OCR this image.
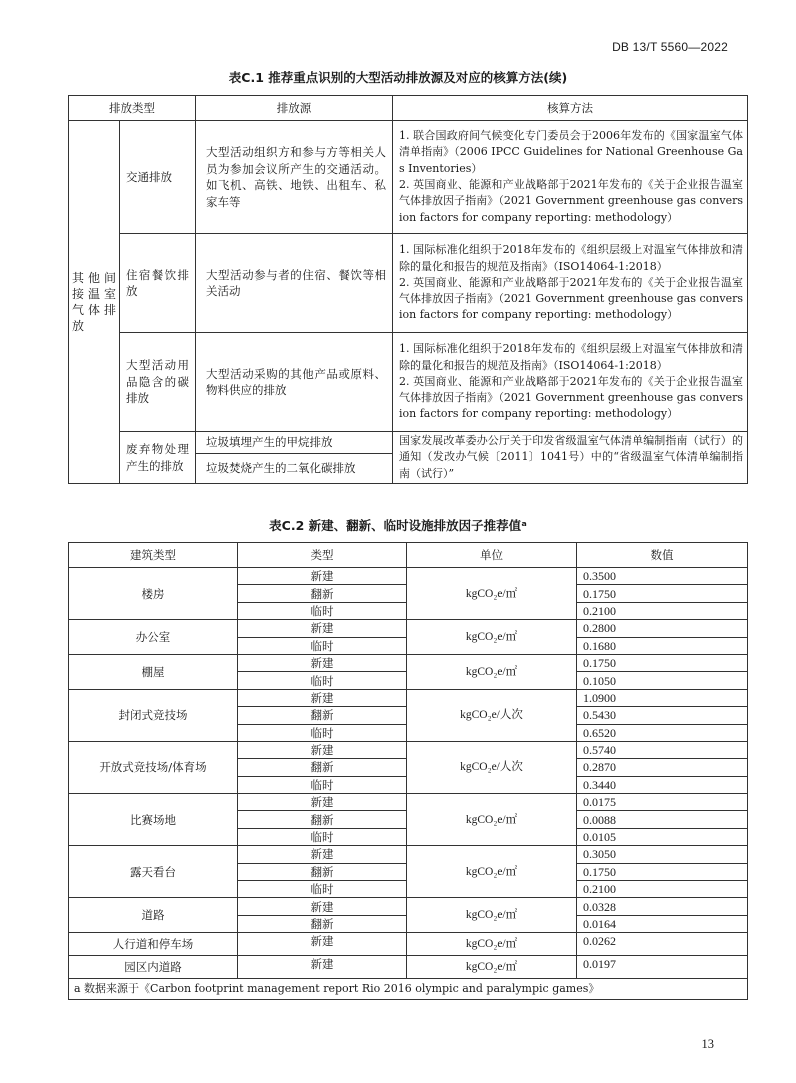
DB 13/T 5560—2022
表C.1 推荐重点识别的大型活动排放源及对应的核算方法(续)
排放类型		排放源	核算方法
其他间接温室气体排放	交通排放	大型活动组织方和参与方等相关人员为参加会议所产生的交通活动。如飞机、高铁、地铁、出租车、私家车等	1. 联合国政府间气候变化专门委员会于2006年发布的《国家温室气体清单指南》（2006 IPCC Guidelines for National Greenhouse Gas Inventories）
2. 英国商业、能源和产业战略部于2021年发布的《关于企业报告温室气体排放因子指南》（2021 Government greenhouse gas conversion factors for company reporting: methodology）
	住宿餐饮排放	大型活动参与者的住宿、餐饮等相关活动	1. 国际标准化组织于2018年发布的《组织层级上对温室气体排放和清除的量化和报告的规范及指南》（ISO14064-1:2018）
2. 英国商业、能源和产业战略部于2021年发布的《关于企业报告温室气体排放因子指南》（2021 Government greenhouse gas conversion factors for company reporting: methodology）
	大型活动用品隐含的碳排放	大型活动采购的其他产品或原料、物料供应的排放	1. 国际标准化组织于2018年发布的《组织层级上对温室气体排放和清除的量化和报告的规范及指南》（ISO14064-1:2018）
2. 英国商业、能源和产业战略部于2021年发布的《关于企业报告温室气体排放因子指南》（2021 Government greenhouse gas conversion factors for company reporting: methodology）
	废弃物处理产生的排放	垃圾填埋产生的甲烷排放	国家发展改革委办公厅关于印发省级温室气体清单编制指南（试行）的通知（发改办气候〔2011〕1041号）中的“省级温室气体清单编制指南（试行）”
		垃圾焚烧产生的二氧化碳排放	
表C.2 新建、翻新、临时设施排放因子推荐值ᵃ
建筑类型	类型	单位	数值
楼房	新建	kgCO₂e/㎡	0.3500
	翻新		0.1750
	临时		0.2100
办公室	新建	kgCO₂e/㎡	0.2800
	临时		0.1680
棚屋	新建	kgCO₂e/㎡	0.1750
	临时		0.1050
封闭式竞技场	新建	kgCO₂e/人次	1.0900
	翻新		0.5430
	临时		0.6520
开放式竞技场/体育场	新建	kgCO₂e/人次	0.5740
	翻新		0.2870
	临时		0.3440
比赛场地	新建	kgCO₂e/㎡	0.0175
	翻新		0.0088
	临时		0.0105
露天看台	新建	kgCO₂e/㎡	0.3050
	翻新		0.1750
	临时		0.2100
道路	新建	kgCO₂e/㎡	0.0328
	翻新		0.0164
人行道和停车场	新建	kgCO₂e/㎡	0.0262
园区内道路	新建	kgCO₂e/㎡	0.0197
a 数据来源于《Carbon footprint management report Rio 2016 olympic and paralympic games》			
13
